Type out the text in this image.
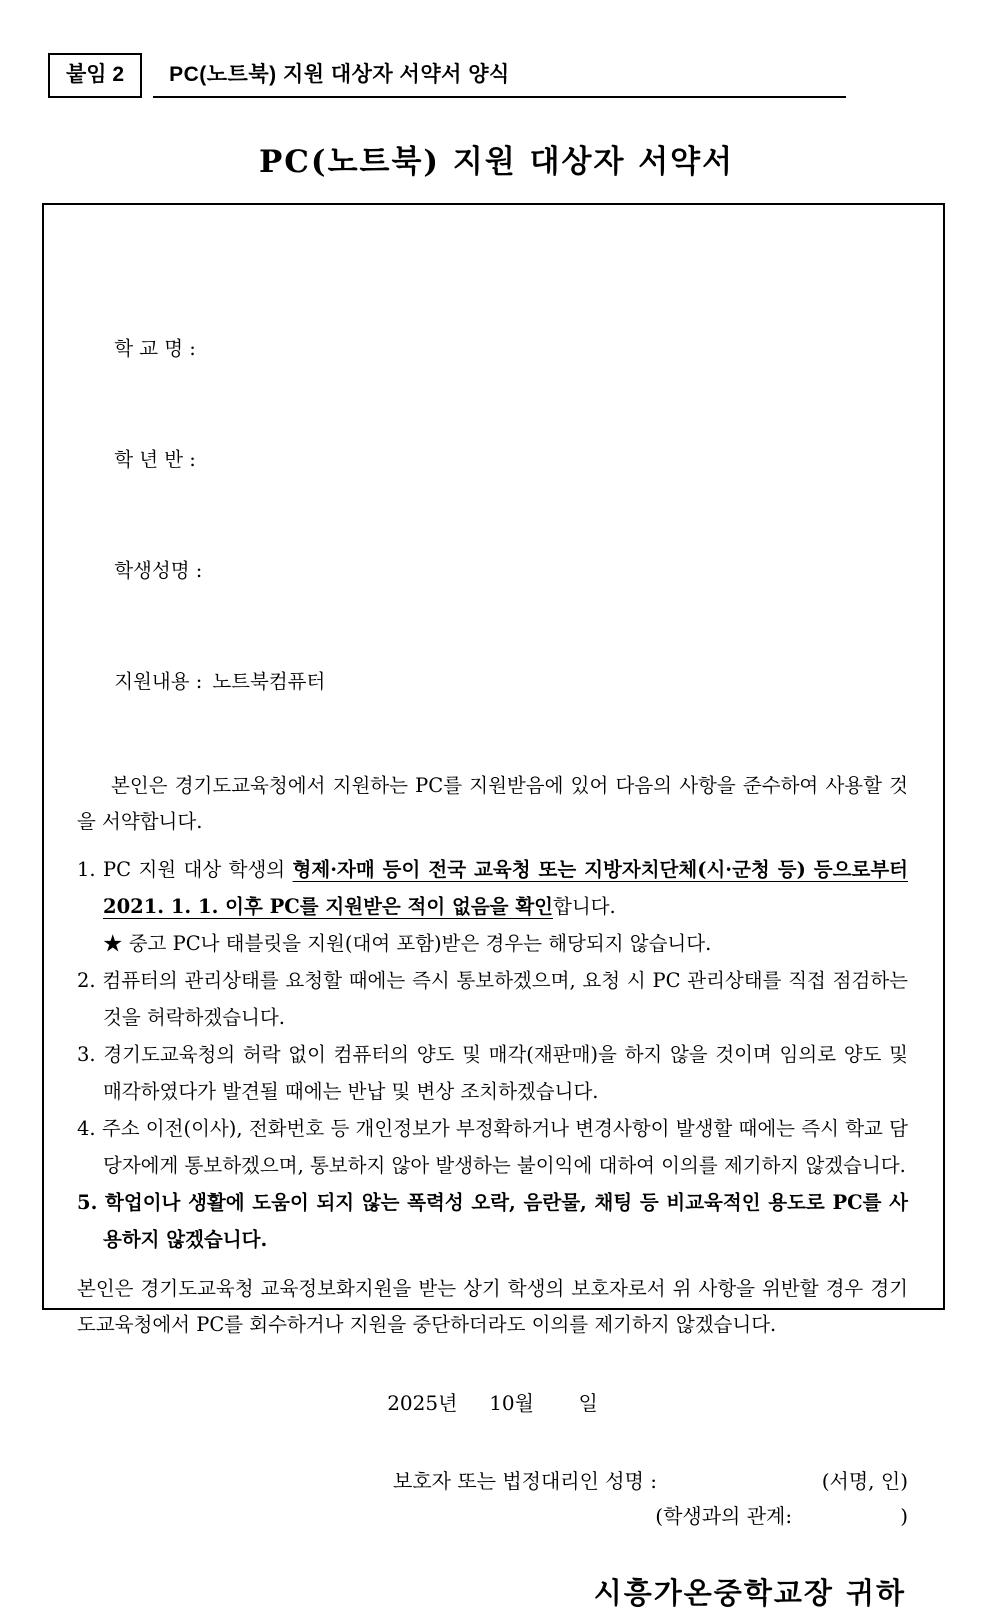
붙임 2	PC(노트북) 지원 대상자 서약서 양식
PC(노트북) 지원 대상자 서약서

학 교 명 :

학 년 반 :

학생성명 :

지원내용 : 노트북컴퓨터

본인은 경기도교육청에서 지원하는 PC를 지원받음에 있어 다음의 사항을 준수하여 사용할 것을 서약합니다.
1. PC 지원 대상 학생의 형제·자매 등이 전국 교육청 또는 지방자치단체(시·군청 등) 등으로부터 2021. 1. 1. 이후 PC를 지원받은 적이 없음을 확인합니다.
★ 중고 PC나 태블릿을 지원(대여 포함)받은 경우는 해당되지 않습니다.
2. 컴퓨터의 관리상태를 요청할 때에는 즉시 통보하겠으며, 요청 시 PC 관리상태를 직접 점검하는 것을 허락하겠습니다.
3. 경기도교육청의 허락 없이 컴퓨터의 양도 및 매각(재판매)을 하지 않을 것이며 임의로 양도 및 매각하였다가 발견될 때에는 반납 및 변상 조치하겠습니다.
4. 주소 이전(이사), 전화번호 등 개인정보가 부정확하거나 변경사항이 발생할 때에는 즉시 학교 담당자에게 통보하겠으며, 통보하지 않아 발생하는 불이익에 대하여 이의를 제기하지 않겠습니다.
5. 학업이나 생활에 도움이 되지 않는 폭력성 오락, 음란물, 채팅 등 비교육적인 용도로 PC를 사용하지 않겠습니다.
본인은 경기도교육청 교육정보화지원을 받는 상기 학생의 보호자로서 위 사항을 위반할 경우 경기도교육청에서 PC를 회수하거나 지원을 중단하더라도 이의를 제기하지 않겠습니다.
2025년     10월       일
보호자 또는 법정대리인 성명 :	(서명, 인)
(학생과의 관계:                 )
시흥가온중학교장 귀하
